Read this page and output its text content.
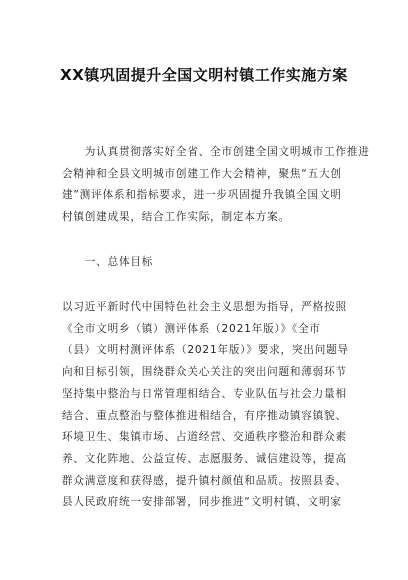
XX镇巩固提升全国文明村镇工作实施方案
　　为认真贯彻落实好全省、全市创建全国文明城市工作推进
会精神和全县文明城市创建工作大会精神，聚焦“五大创
建”测评体系和指标要求，进一步巩固提升我镇全国文明
村镇创建成果，结合工作实际，制定本方案。
　　一、总体目标
以习近平新时代中国特色社会主义思想为指导，严格按照
《全市文明乡（镇）测评体系（2021年版）》《全市
（县）文明村测评体系（2021年版）》要求，突出问题导
向和目标引领，围绕群众关心关注的突出问题和薄弱环节
坚持集中整治与日常管理相结合、专业队伍与社会力量相
结合、重点整治与整体推进相结合，有序推动镇容镇貌、
环境卫生、集镇市场、占道经营、交通秩序整治和群众素
养、文化阵地、公益宣传、志愿服务、诚信建设等，提高
群众满意度和获得感，提升镇村颜值和品质。按照县委、
县人民政府统一安排部署，同步推进“文明村镇、文明家
